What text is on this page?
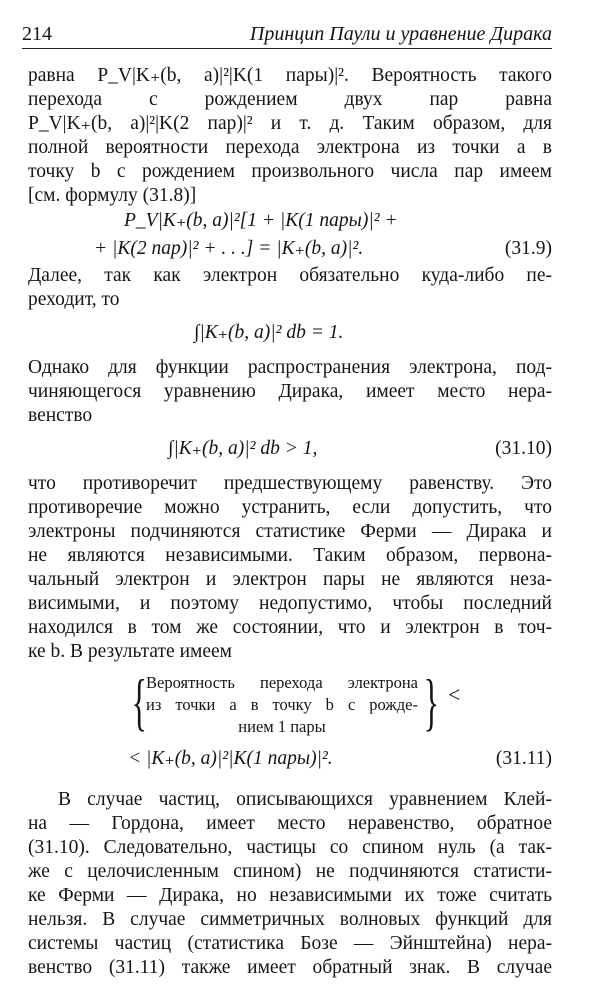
214	Принцип Паули и уравнение Дирака
равна P_V|K₊(b, a)|²|K(1 пары)|². Вероятность такого
перехода с рождением двух пар равна
P_V|K₊(b, a)|²|K(2 пар)|² и т. д. Таким образом, для
полной вероятности перехода электрона из точки a в
точку b с рождением произвольного числа пар имеем
[см. формулу (31.8)]
P_V|K₊(b, a)|²[1 + |K(1 пары)|² +
+ |K(2 пар)|² + . . .] = |K₊(b, a)|².	(31.9)
Далее, так как электрон обязательно куда-либо пе-
реходит, то
∫|K₊(b, a)|² db = 1.
Однако для функции распространения электрона, под-
чиняющегося уравнению Дирака, имеет место нера-
венство
∫|K₊(b, a)|² db > 1,	(31.10)
что противоречит предшествующему равенству. Это
противоречие можно устранить, если допустить, что
электроны подчиняются статистике Ферми — Дирака и
не являются независимыми. Таким образом, первона-
чальный электрон и электрон пары не являются неза-
висимыми, и поэтому недопустимо, чтобы последний
находился в том же состоянии, что и электрон в точ-
ке b. В результате имеем
{
Вероятность перехода электрона
из точки a в точку b с рожде-
нием 1 пары	} <
< |K₊(b, a)|²|K(1 пары)|².	(31.11)
В случае частиц, описывающихся уравнением Клей-
на — Гордона, имеет место неравенство, обратное
(31.10). Следовательно, частицы со спином нуль (а так-
же с целочисленным спином) не подчиняются статисти-
ке Ферми — Дирака, но независимыми их тоже считать
нельзя. В случае симметричных волновых функций для
системы частиц (статистика Бозе — Эйнштейна) нера-
венство (31.11) также имеет обратный знак. В случае
